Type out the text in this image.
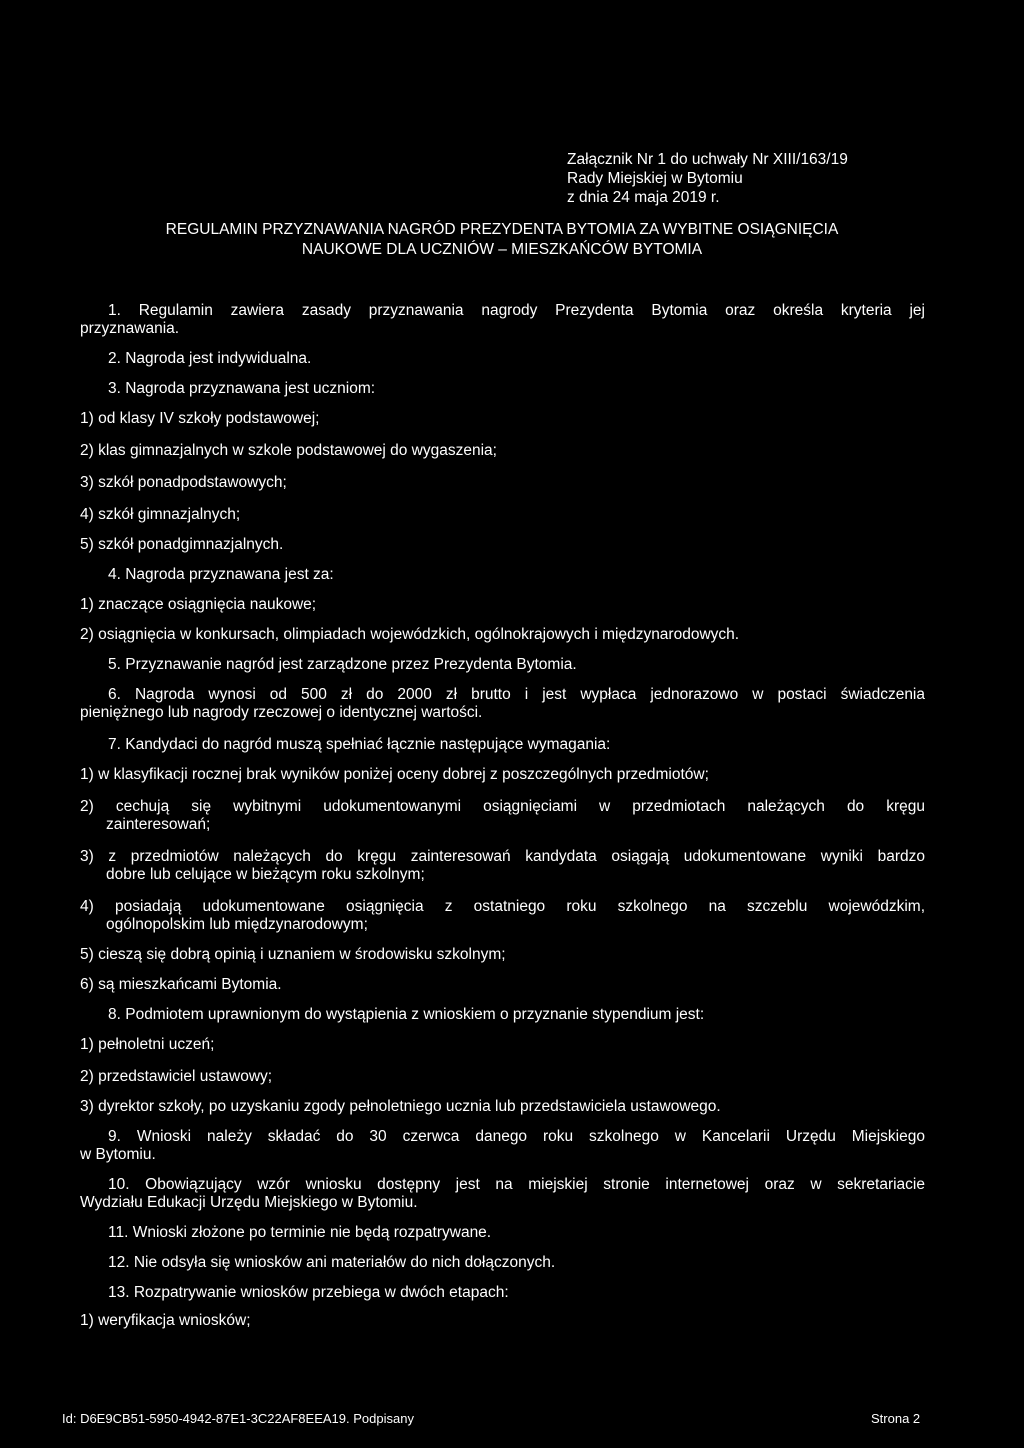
Załącznik Nr 1 do uchwały Nr XIII/163/19
Rady Miejskiej w Bytomiu
z dnia 24 maja 2019 r.
REGULAMIN PRZYZNAWANIA NAGRÓD PREZYDENTA BYTOMIA ZA WYBITNE OSIĄGNIĘCIA
NAUKOWE DLA UCZNIÓW – MIESZKAŃCÓW BYTOMIA
1. Regulamin zawiera zasady przyznawania nagrody Prezydenta Bytomia oraz określa kryteria jej
przyznawania.
2. Nagroda jest indywidualna.
3. Nagroda przyznawana jest uczniom:
1) od klasy IV szkoły podstawowej;
2) klas gimnazjalnych w szkole podstawowej do wygaszenia;
3) szkół ponadpodstawowych;
4) szkół gimnazjalnych;
5) szkół ponadgimnazjalnych.
4. Nagroda przyznawana jest za:
1) znaczące osiągnięcia naukowe;
2) osiągnięcia w konkursach, olimpiadach wojewódzkich, ogólnokrajowych i międzynarodowych.
5. Przyznawanie nagród jest zarządzone przez Prezydenta Bytomia.
6. Nagroda wynosi od 500 zł do 2000 zł brutto i jest wypłaca jednorazowo w postaci świadczenia
pieniężnego lub nagrody rzeczowej o identycznej wartości.
7. Kandydaci do nagród muszą spełniać łącznie następujące wymagania:
1) w klasyfikacji rocznej brak wyników poniżej oceny dobrej z poszczególnych przedmiotów;
2) cechują się wybitnymi udokumentowanymi osiągnięciami w przedmiotach należących do kręgu
zainteresowań;
3) z przedmiotów należących do kręgu zainteresowań kandydata osiągają udokumentowane wyniki bardzo
dobre lub celujące w bieżącym roku szkolnym;
4) posiadają udokumentowane osiągnięcia z ostatniego roku szkolnego na szczeblu wojewódzkim,
ogólnopolskim lub międzynarodowym;
5) cieszą się dobrą opinią i uznaniem w środowisku szkolnym;
6) są mieszkańcami Bytomia.
8. Podmiotem uprawnionym do wystąpienia z wnioskiem o przyznanie stypendium jest:
1) pełnoletni uczeń;
2) przedstawiciel ustawowy;
3) dyrektor szkoły, po uzyskaniu zgody pełnoletniego ucznia lub przedstawiciela ustawowego.
9. Wnioski należy składać do 30 czerwca danego roku szkolnego w Kancelarii Urzędu Miejskiego
w Bytomiu.
10. Obowiązujący wzór wniosku dostępny jest na miejskiej stronie internetowej oraz w sekretariacie
Wydziału Edukacji Urzędu Miejskiego w Bytomiu.
11. Wnioski złożone po terminie nie będą rozpatrywane.
12. Nie odsyła się wniosków ani materiałów do nich dołączonych.
13. Rozpatrywanie wniosków przebiega w dwóch etapach:
1) weryfikacja wniosków;
Id: D6E9CB51-5950-4942-87E1-3C22AF8EEA19. Podpisany	Strona 2
